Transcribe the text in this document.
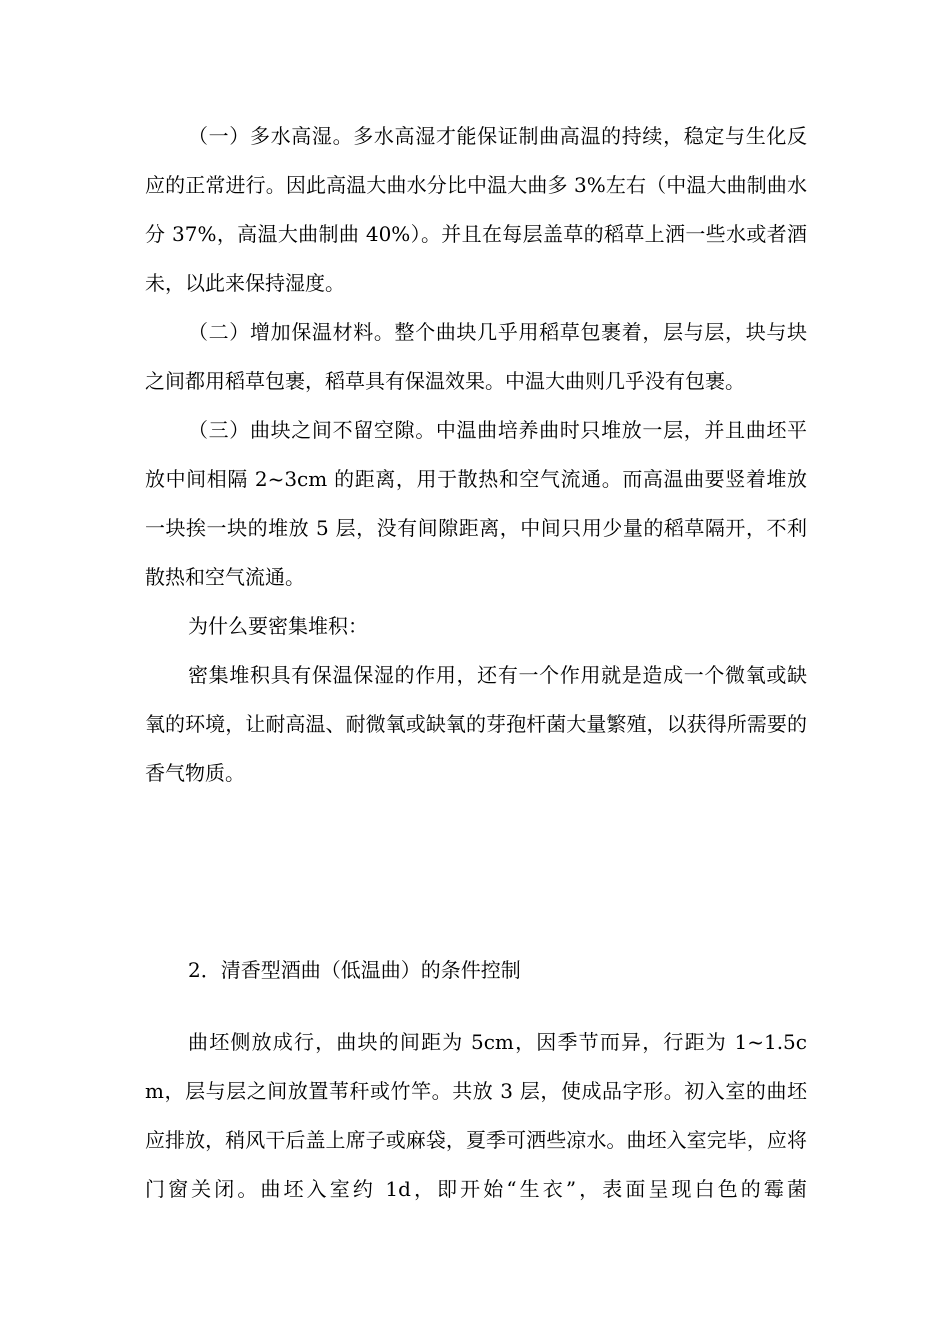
（一）多水高湿。多水高湿才能保证制曲高温的持续，稳定与生化反应的正常进行。因此高温大曲水分比中温大曲多 3%左右（中温大曲制曲水分 37%，高温大曲制曲 40%）。并且在每层盖草的稻草上洒一些水或者酒未，以此来保持湿度。

（二）增加保温材料。整个曲块几乎用稻草包裹着，层与层，块与块之间都用稻草包裹，稻草具有保温效果。中温大曲则几乎没有包裹。

（三）曲块之间不留空隙。中温曲培养曲时只堆放一层，并且曲坯平放中间相隔 2~3cm 的距离，用于散热和空气流通。而高温曲要竖着堆放一块挨一块的堆放 5 层，没有间隙距离，中间只用少量的稻草隔开，不利散热和空气流通。

为什么要密集堆积：

密集堆积具有保温保湿的作用，还有一个作用就是造成一个微氧或缺氧的环境，让耐高温、耐微氧或缺氧的芽孢杆菌大量繁殖，以获得所需要的香气物质。

2．清香型酒曲（低温曲）的条件控制

曲坯侧放成行，曲块的间距为 5cm，因季节而异，行距为 1~1.5cm，层与层之间放置苇秆或竹竿。共放 3 层，使成品字形。初入室的曲坯应排放，稍风干后盖上席子或麻袋，夏季可洒些凉水。曲坯入室完毕，应将门窗关闭。曲坯入室约 1d，即开始“生衣”，表面呈现白色的霉菌
